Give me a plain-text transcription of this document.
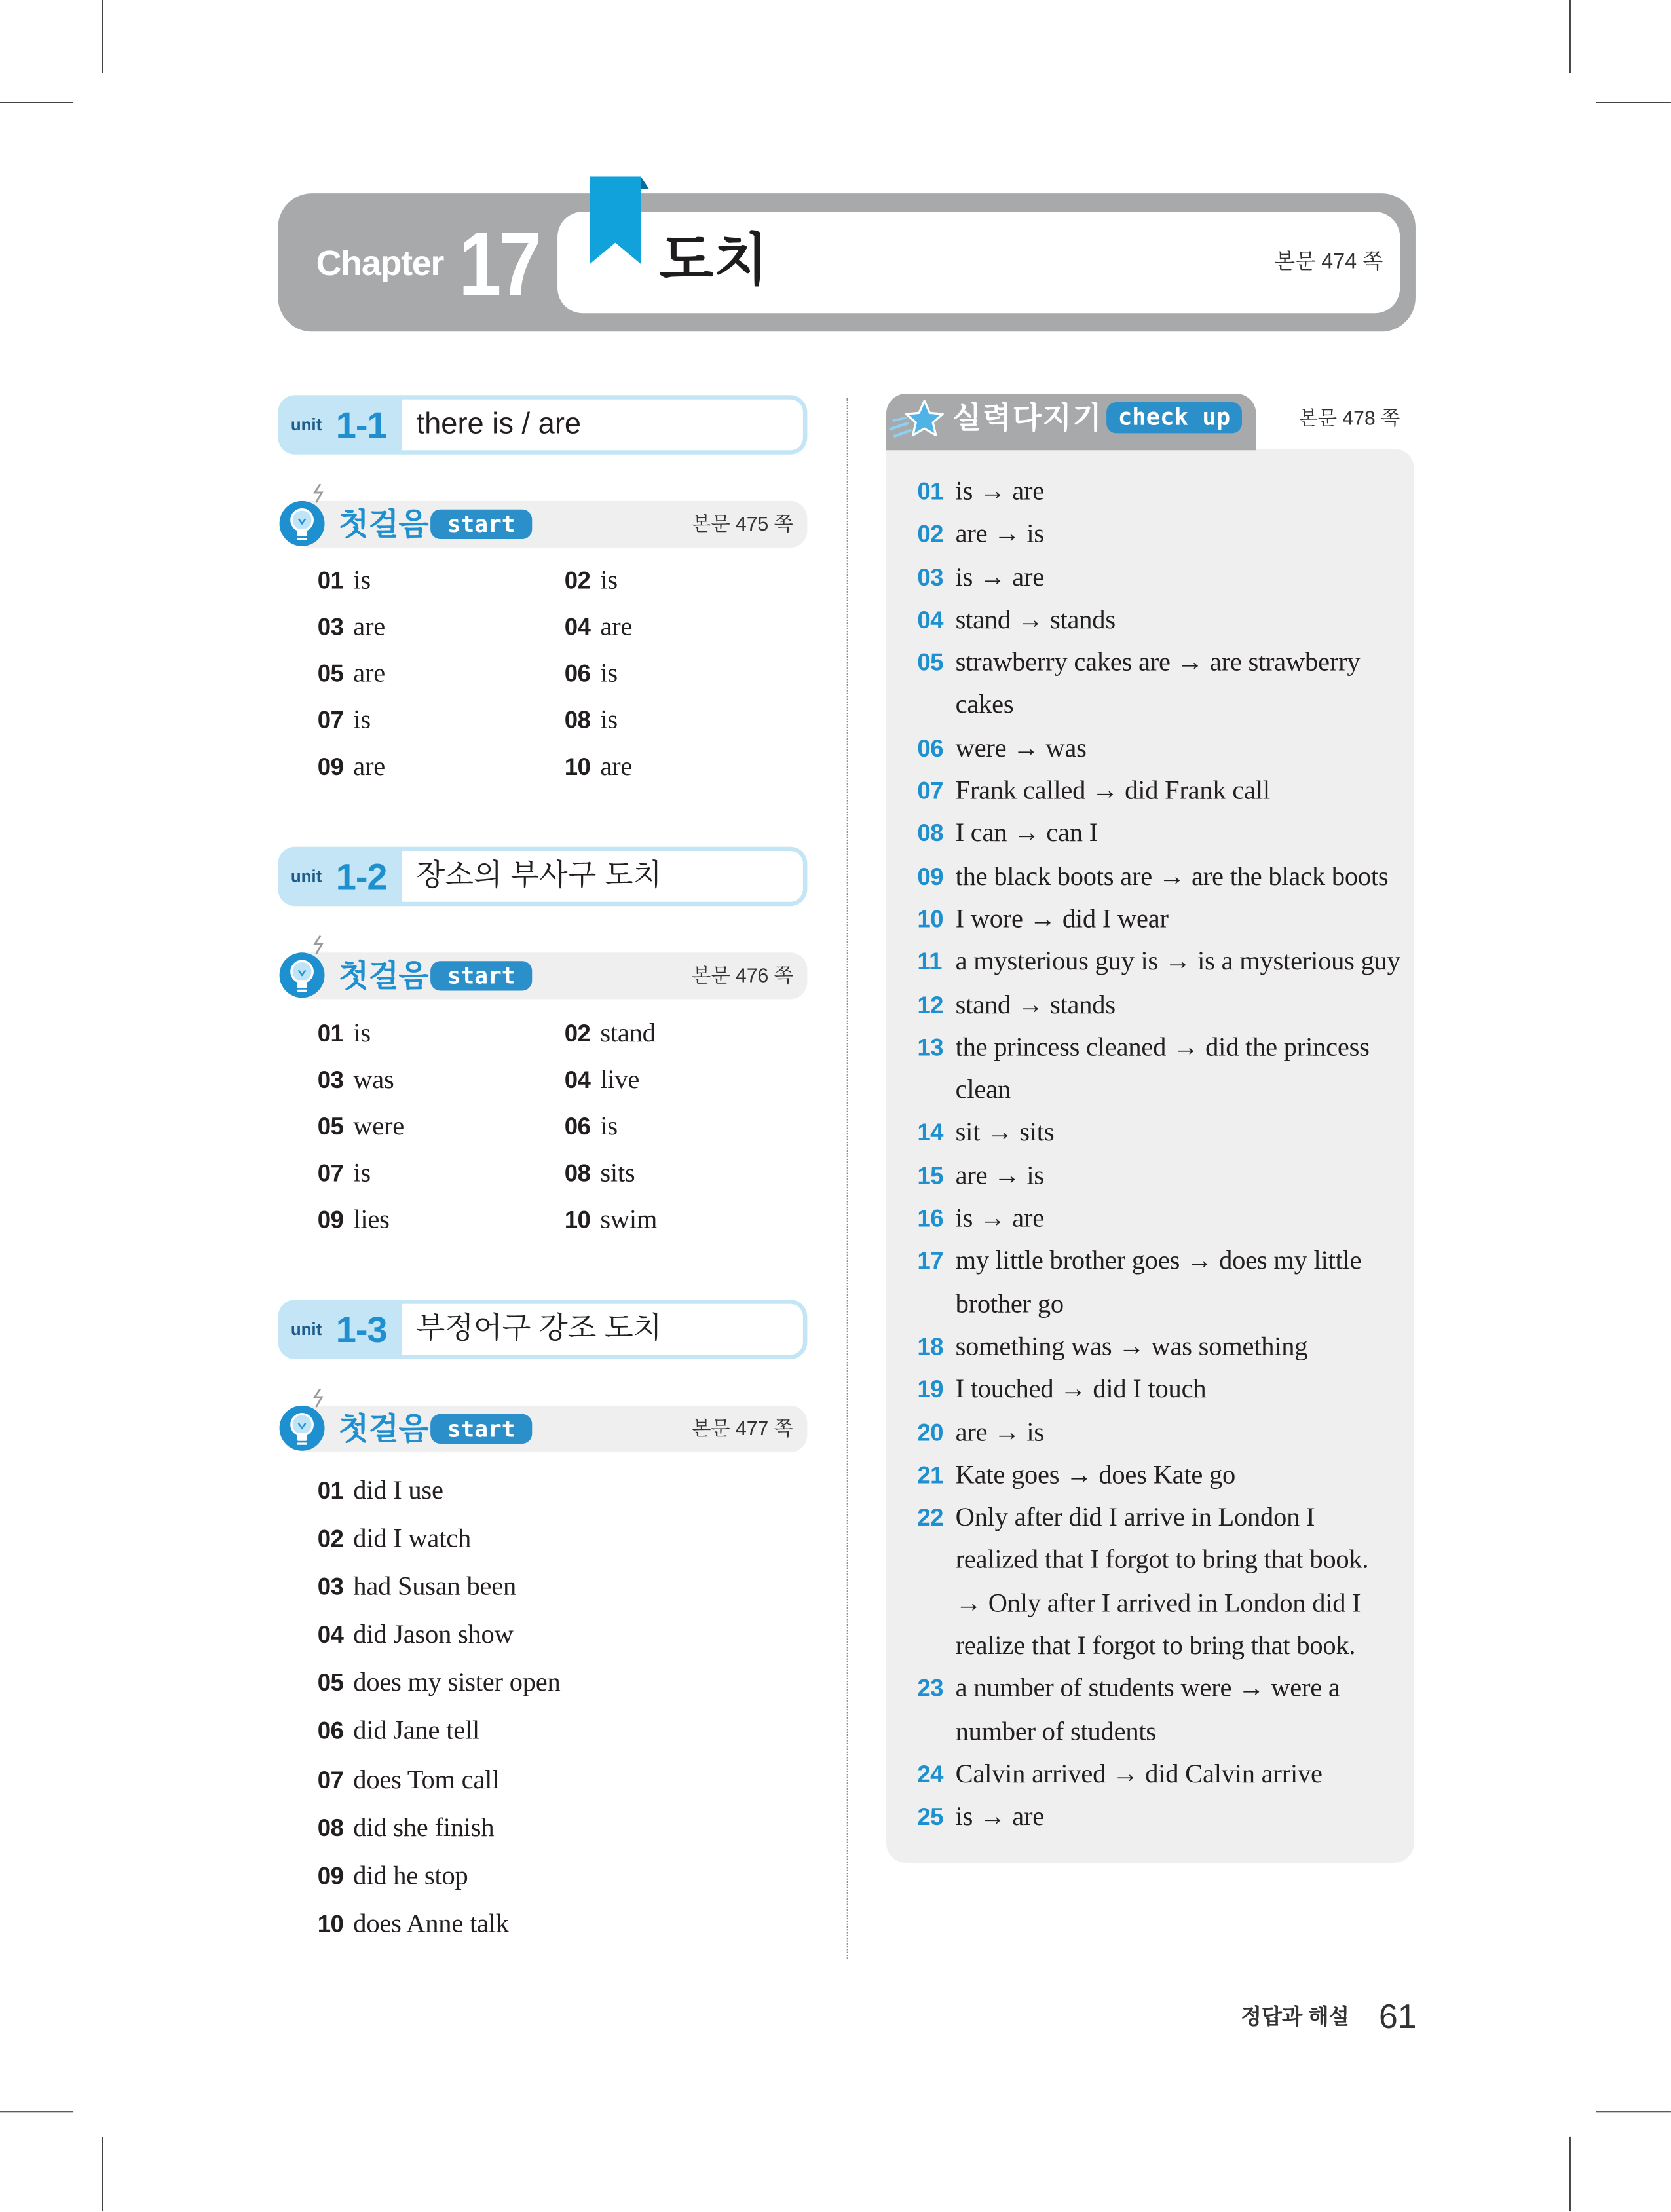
Chapter 17	도치	본문 474 쪽
unit 1-1 there is / are
첫걸음	start	본문 475 쪽
01 is	02 is
03 are	04 are
05 are	06 is
07 is	08 is
09 are	10 are
unit 1-2 장소의 부사구 도치
첫걸음	start	본문 476 쪽
01 is	02 stand
03 was	04 live
05 were	06 is
07 is	08 sits
09 lies	10 swim
unit 1-3 부정어구 강조 도치
첫걸음	start	본문 477 쪽
01 did I use
02 did I watch
03 had Susan been
04 did Jason show
05 does my sister open
06 did Jane tell
07 does Tom call
08 did she finish
09 did he stop
10 does Anne talk
실력다지기	check up	본문 478 쪽
01 is → are
02 are → is
03 is → are
04 stand → stands
05 strawberry cakes are → are strawberry
cakes
06 were → was
07 Frank called → did Frank call
08 I can → can I
09 the black boots are → are the black boots
10 I wore → did I wear
11	a mysterious guy is → is a mysterious guy
12 stand → stands
13 the princess cleaned → did the princess
clean
14 sit → sits
15 are → is
16 is → are
17 my little brother goes → does my little
brother go
18 something was → was something
19 I touched → did I touch
20 are → is
21 Kate goes → does Kate go
22 Only after did I arrive in London I
realized that I forgot to bring that book.
→ Only after I arrived in London did I
realize that I forgot to bring that book.
23 a number of students were → were a
number of students
24 Calvin arrived → did Calvin arrive
25 is → are
정답과 해설 61
